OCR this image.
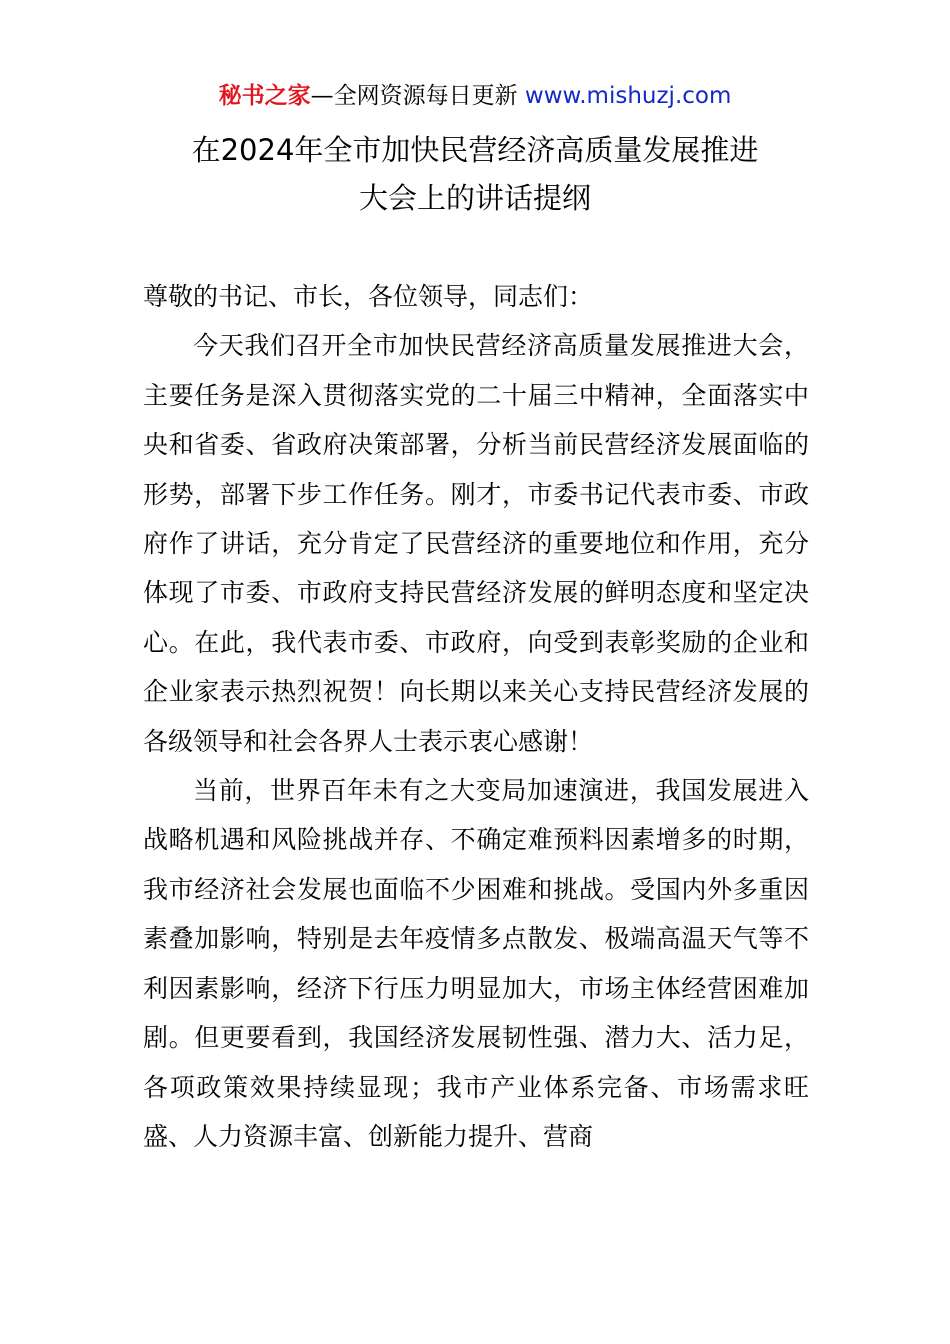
秘书之家—全网资源每日更新 www.mishuzj.com
在2024年全市加快民营经济高质量发展推进
大会上的讲话提纲

尊敬的书记、市长，各位领导，同志们：

今天我们召开全市加快民营经济高质量发展推进大会，主要任务是深入贯彻落实党的二十届三中精神，全面落实中央和省委、省政府决策部署，分析当前民营经济发展面临的形势，部署下步工作任务。刚才，市委书记代表市委、市政府作了讲话，充分肯定了民营经济的重要地位和作用，充分体现了市委、市政府支持民营经济发展的鲜明态度和坚定决心。在此，我代表市委、市政府，向受到表彰奖励的企业和企业家表示热烈祝贺！向长期以来关心支持民营经济发展的各级领导和社会各界人士表示衷心感谢！

当前，世界百年未有之大变局加速演进，我国发展进入战略机遇和风险挑战并存、不确定难预料因素增多的时期，我市经济社会发展也面临不少困难和挑战。受国内外多重因素叠加影响，特别是去年疫情多点散发、极端高温天气等不利因素影响，经济下行压力明显加大，市场主体经营困难加剧。但更要看到，我国经济发展韧性强、潜力大、活力足，各项政策效果持续显现；我市产业体系完备、市场需求旺盛、人力资源丰富、创新能力提升、营商
